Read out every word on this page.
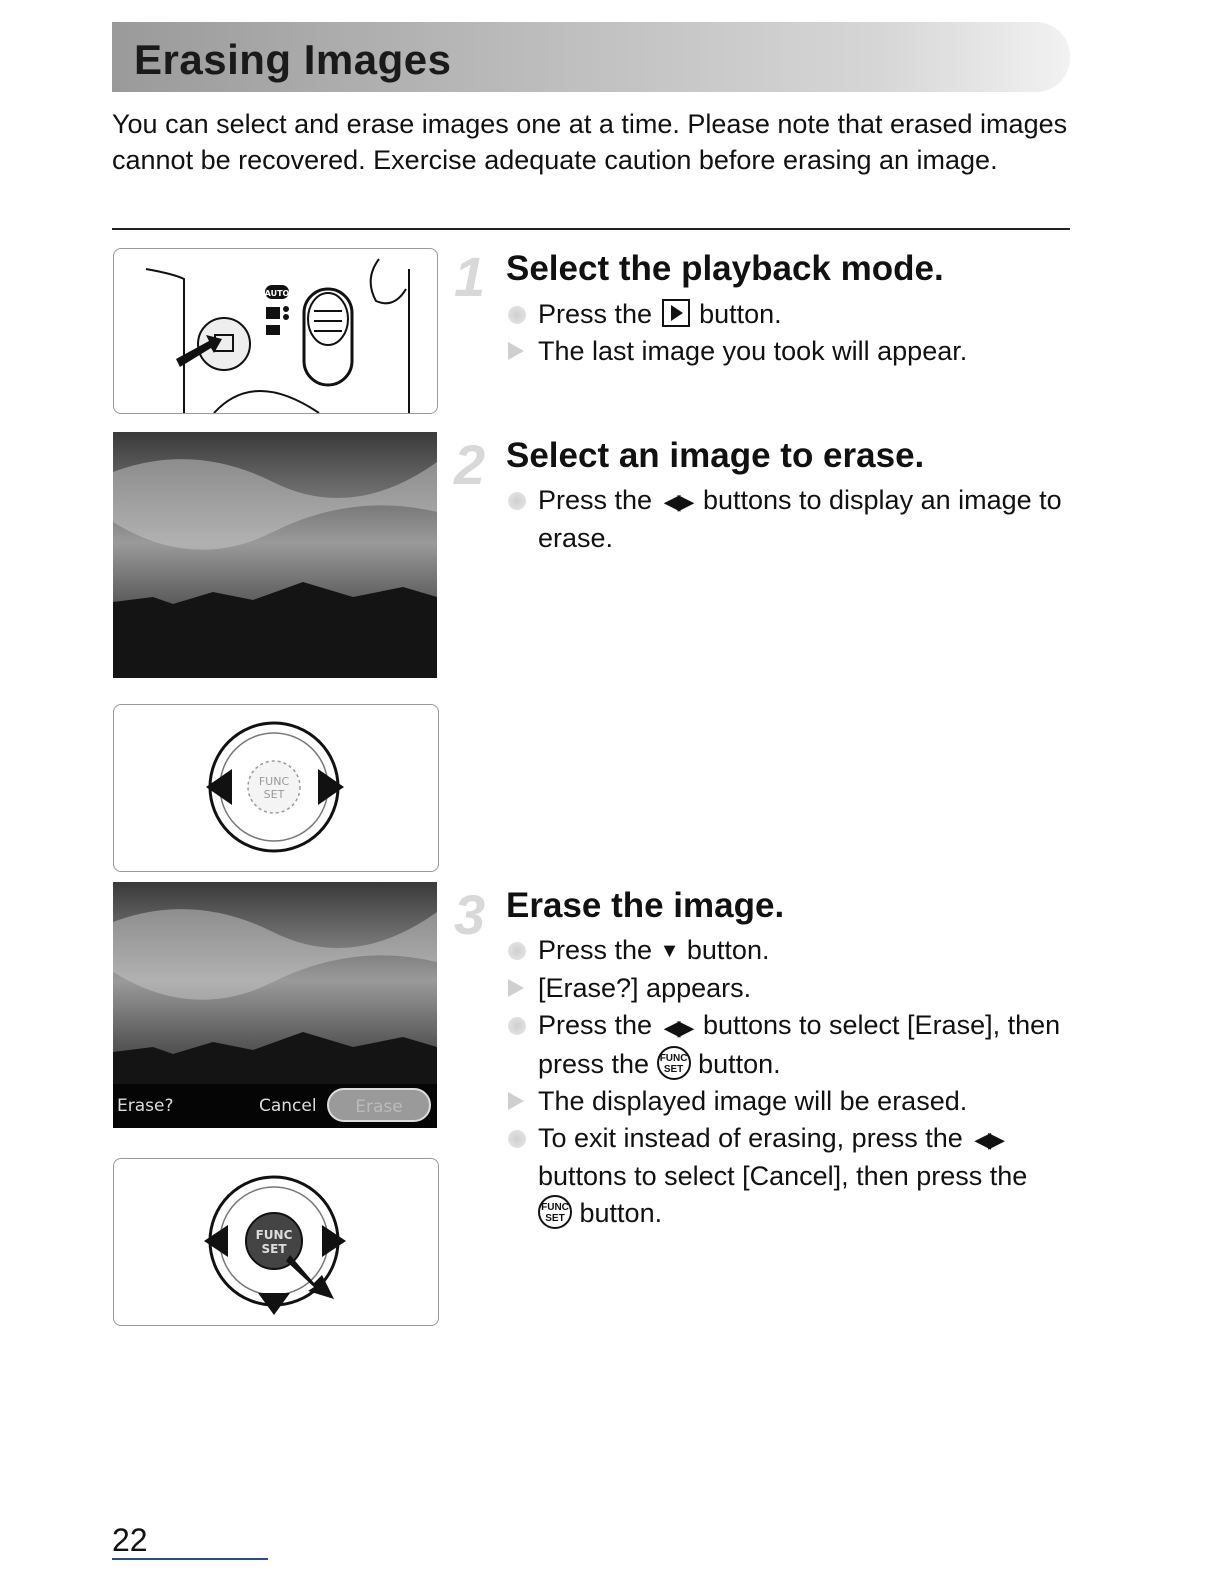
Erasing Images
You can select and erase images one at a time. Please note that erased images cannot be recovered. Exercise adequate caution before erasing an image.
AUTO
FUNC
SET
Erase?	Cancel	Erase
FUNC
SET
1 Select the playback mode.
Press the button.
The last image you took will appear.
2 Select an image to erase.
Press the ◀▶ buttons to display an image to erase.
3 Erase the image.
Press the ▼ button.
[Erase?] appears.
Press the ◀▶ buttons to select [Erase], then press the FUNC
SET button.
The displayed image will be erased.
To exit instead of erasing, press the ◀▶ buttons to select [Cancel], then press the FUNC
SET button.
22
